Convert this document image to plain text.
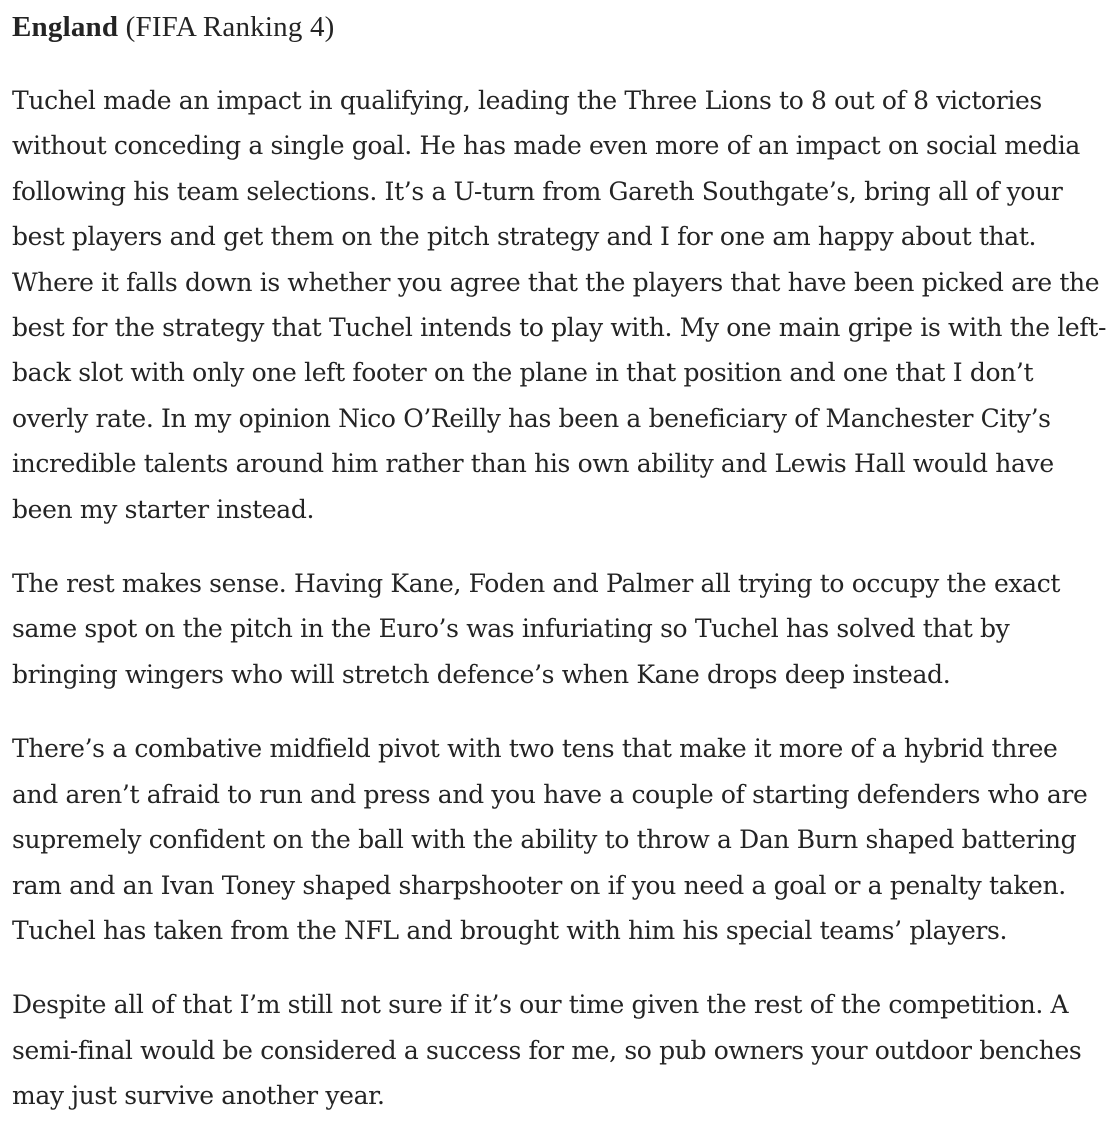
England (FIFA Ranking 4)

Tuchel made an impact in qualifying, leading the Three Lions to 8 out of 8 victories without conceding a single goal. He has made even more of an impact on social media following his team selections. It’s a U-turn from Gareth Southgate’s, bring all of your best players and get them on the pitch strategy and I for one am happy about that. Where it falls down is whether you agree that the players that have been picked are the best for the strategy that Tuchel intends to play with. My one main gripe is with the left-back slot with only one left footer on the plane in that position and one that I don’t overly rate. In my opinion Nico O’Reilly has been a beneficiary of Manchester City’s incredible talents around him rather than his own ability and Lewis Hall would have been my starter instead.

The rest makes sense. Having Kane, Foden and Palmer all trying to occupy the exact same spot on the pitch in the Euro’s was infuriating so Tuchel has solved that by bringing wingers who will stretch defence’s when Kane drops deep instead.

There’s a combative midfield pivot with two tens that make it more of a hybrid three and aren’t afraid to run and press and you have a couple of starting defenders who are supremely confident on the ball with the ability to throw a Dan Burn shaped battering ram and an Ivan Toney shaped sharpshooter on if you need a goal or a penalty taken. Tuchel has taken from the NFL and brought with him his special teams’ players.

Despite all of that I’m still not sure if it’s our time given the rest of the competition. A semi-final would be considered a success for me, so pub owners your outdoor benches may just survive another year.
